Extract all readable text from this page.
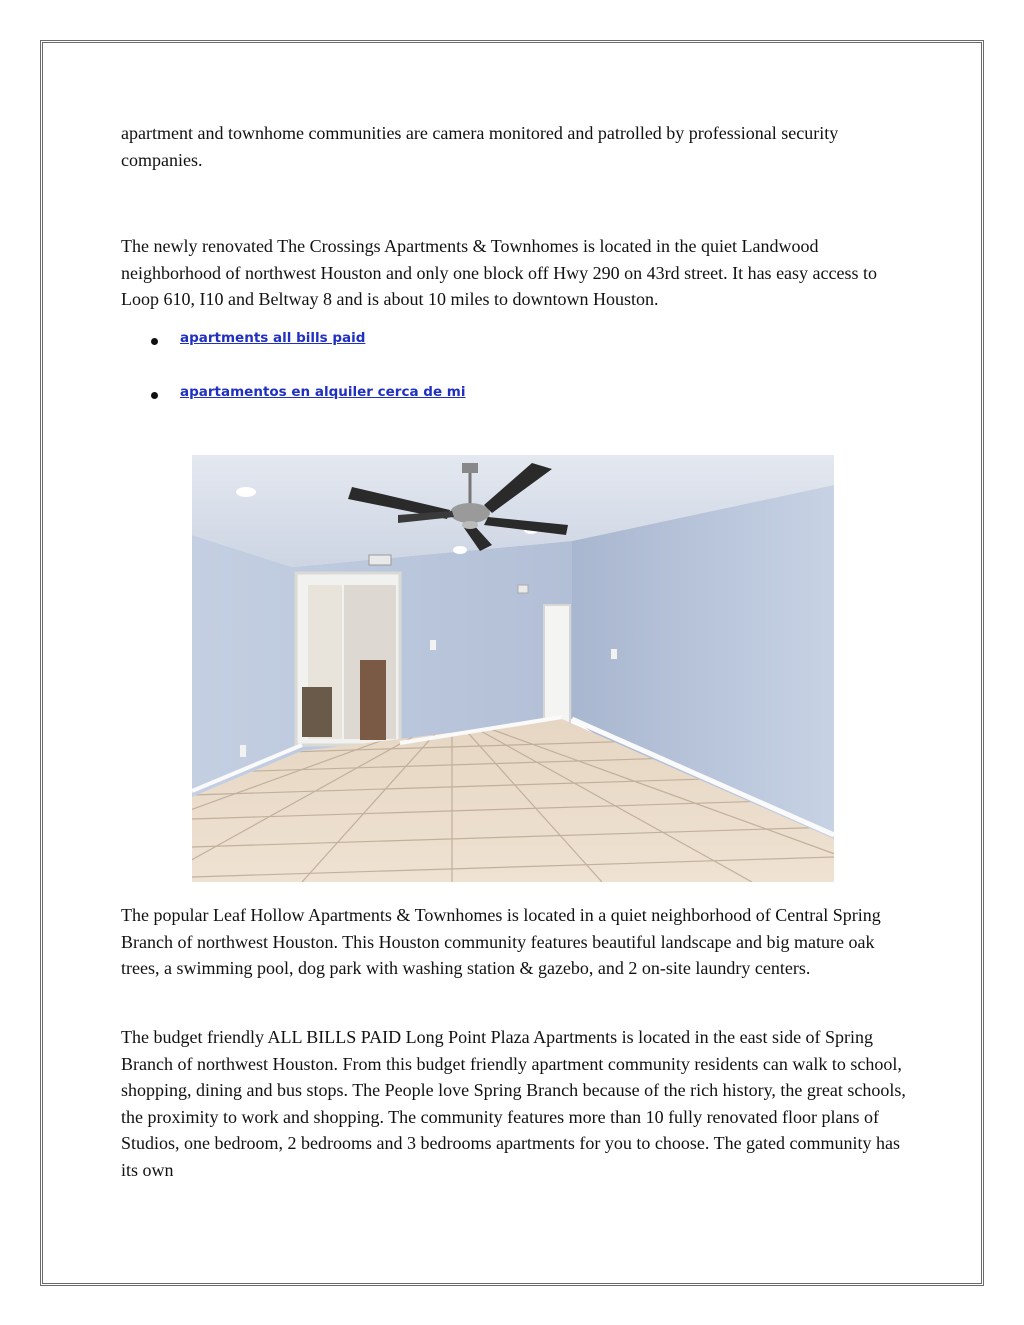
apartment and townhome communities are camera monitored and patrolled by professional security companies.

The newly renovated The Crossings Apartments & Townhomes is located in the quiet Landwood neighborhood of northwest Houston and only one block off Hwy 290 on 43rd street. It has easy access to Loop 610, I10 and Beltway 8 and is about 10 miles to downtown Houston.

apartments all bills paid
apartamentos en alquiler cerca de mi

The popular Leaf Hollow Apartments & Townhomes is located in a quiet neighborhood of Central Spring Branch of northwest Houston. This Houston community features beautiful landscape and big mature oak trees, a swimming pool, dog park with washing station & gazebo, and 2 on-site laundry centers.

The budget friendly ALL BILLS PAID Long Point Plaza Apartments is located in the east side of Spring Branch of northwest Houston. From this budget friendly apartment community residents can walk to school, shopping, dining and bus stops. The People love Spring Branch because of the rich history, the great schools, the proximity to work and shopping. The community features more than 10 fully renovated floor plans of Studios, one bedroom, 2 bedrooms and 3 bedrooms apartments for you to choose. The gated community has its own
